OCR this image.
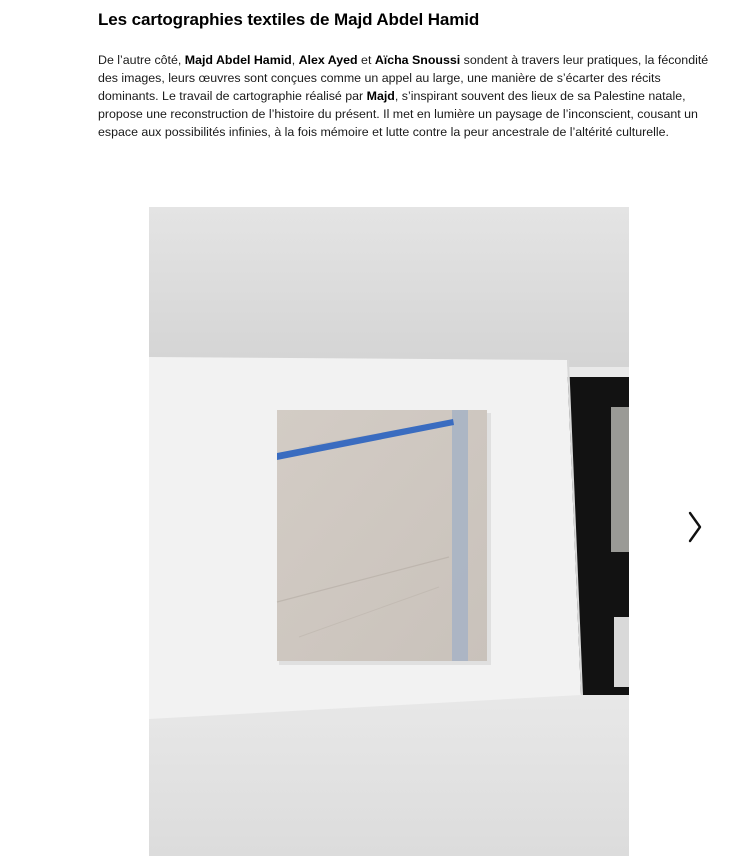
Les cartographies textiles de Majd Abdel Hamid

De l’autre côté, Majd Abdel Hamid, Alex Ayed et Aïcha Snoussi sondent à travers leur pratiques, la fécondité des images, leurs œuvres sont conçues comme un appel au large, une manière de s’écarter des récits dominants. Le travail de cartographie réalisé par Majd, s’inspirant souvent des lieux de sa Palestine natale, propose une reconstruction de l’histoire du présent. Il met en lumière un paysage de l’inconscient, cousant un espace aux possibilités infinies, à la fois mémoire et lutte contre la peur ancestrale de l’altérité culturelle.
